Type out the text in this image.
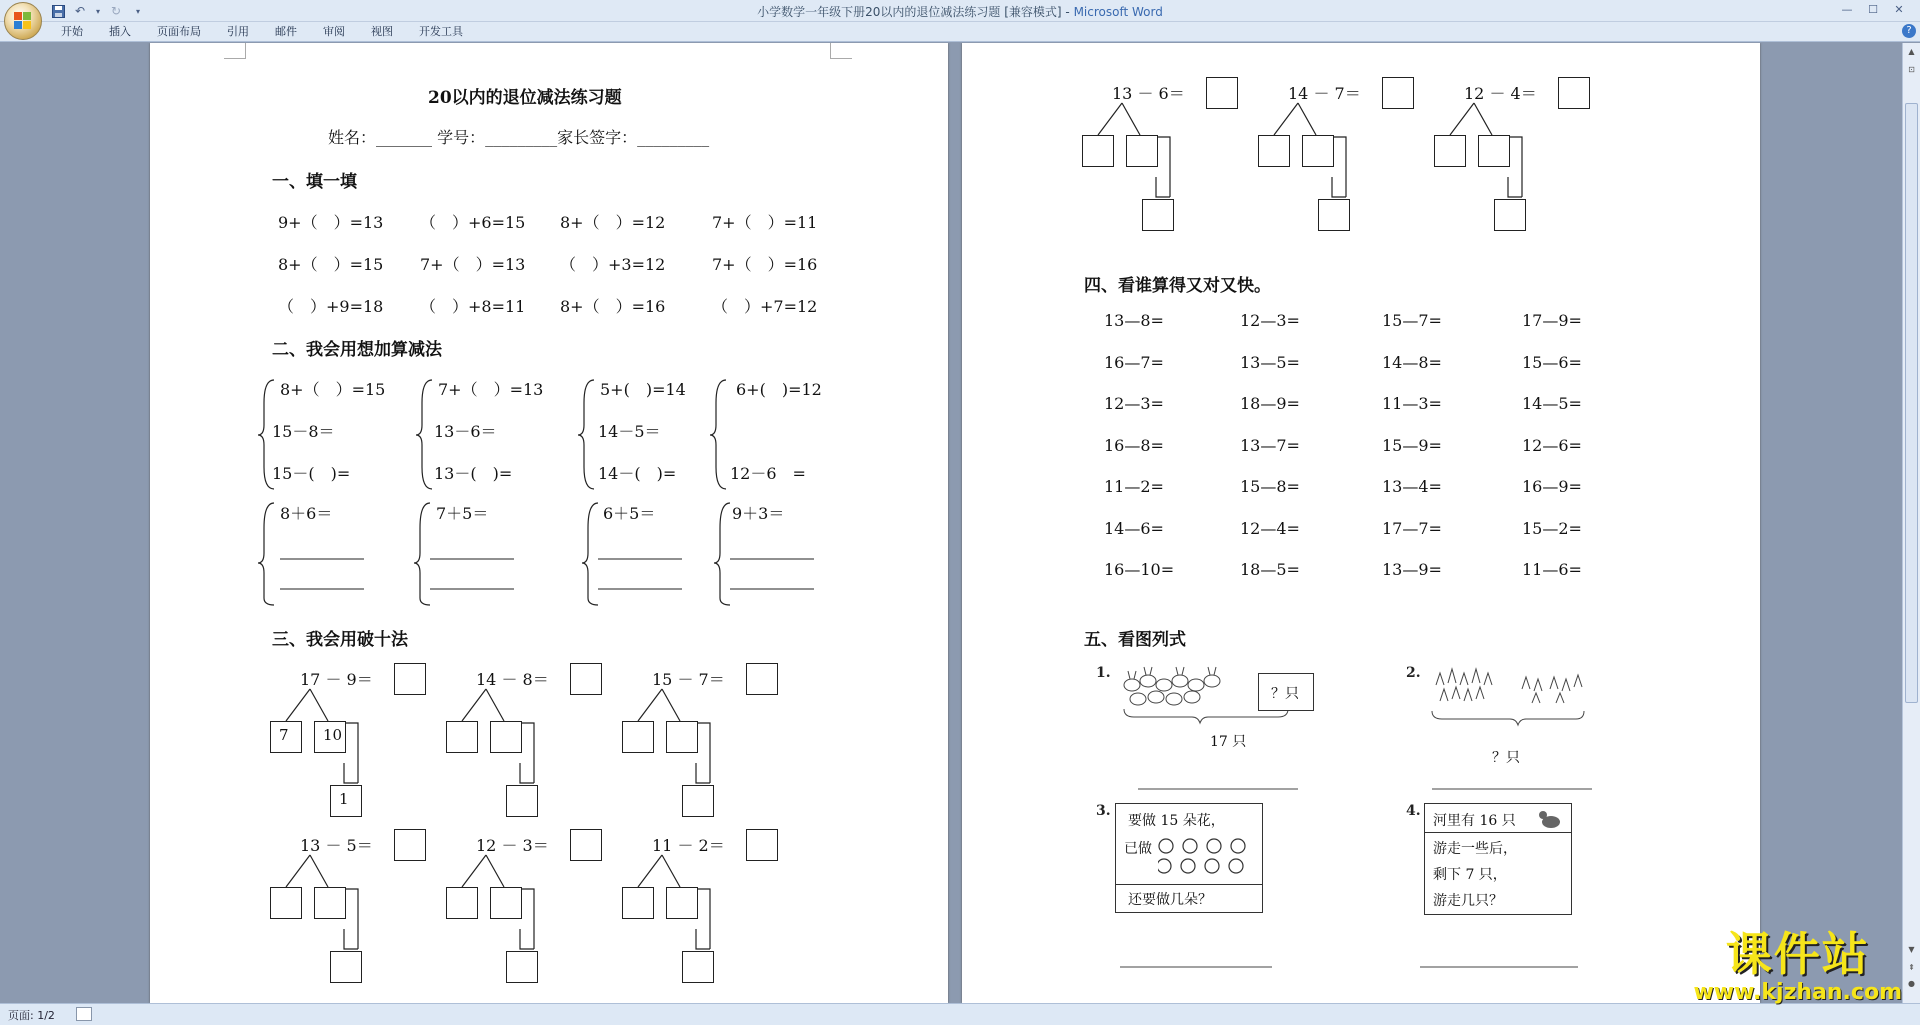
↶	▾ ↻	▾	小学数学一年级下册20以内的退位减法练习题 [兼容模式] - Microsoft Word	—	☐	✕
开始	插入	页面布局	引用	邮件	审阅	视图	开发工具	?
20以内的退位减法练习题
姓名：_______ 学号：_________家长签字：_________
一、填一填
9+（　）=13 （　）+6=15 8+（　）=12	7+（　）=11
8+（　）=15 7+（　）=13 （　）+3=12	7+（　）=16
（　）+9=18 （　）+8=11 8+（　）=16	（　）+7=12
二、我会用想加算减法
8+（　）=15
15－8＝
15－(　)=
7+（　）=13
13－6＝
13－(　)=
5+(　)=14
14－5＝
14－(　)=
6+(　)=12
12－6　=
8＋6＝	7＋5＝	6＋5＝	9＋3＝
三、我会用破十法
17 － 9＝
7 10
1
14 － 8＝	15 － 7＝
13 － 5＝	12 － 3＝	11 － 2＝
13 － 6＝	14 － 7＝	12 － 4＝
四、看谁算得又对又快。
13—8=	12—3=	15—7=	17—9=
16—7=	13—5=	14—8=	15—6=
12—3=	18—9=	11—3=	14—5=
16—8=	13—7=	15—9=	12—6=
11—2=	15—8=	13—4=	16—9=
14—6=	12—4=	17—7=	15—2=
16—10=	18—5=	13—9=	11—6=
五、看图列式
1.
？只
17 只
2.
？只
3.
要做 15 朵花，
已做
还要做几朵？
4.
河里有 16 只
游走一些后，
剩下 7 只，
游走几只？
▲
⊡
▼
⇞
●
页面: 1/2
课件站
www.kjzhan.com
